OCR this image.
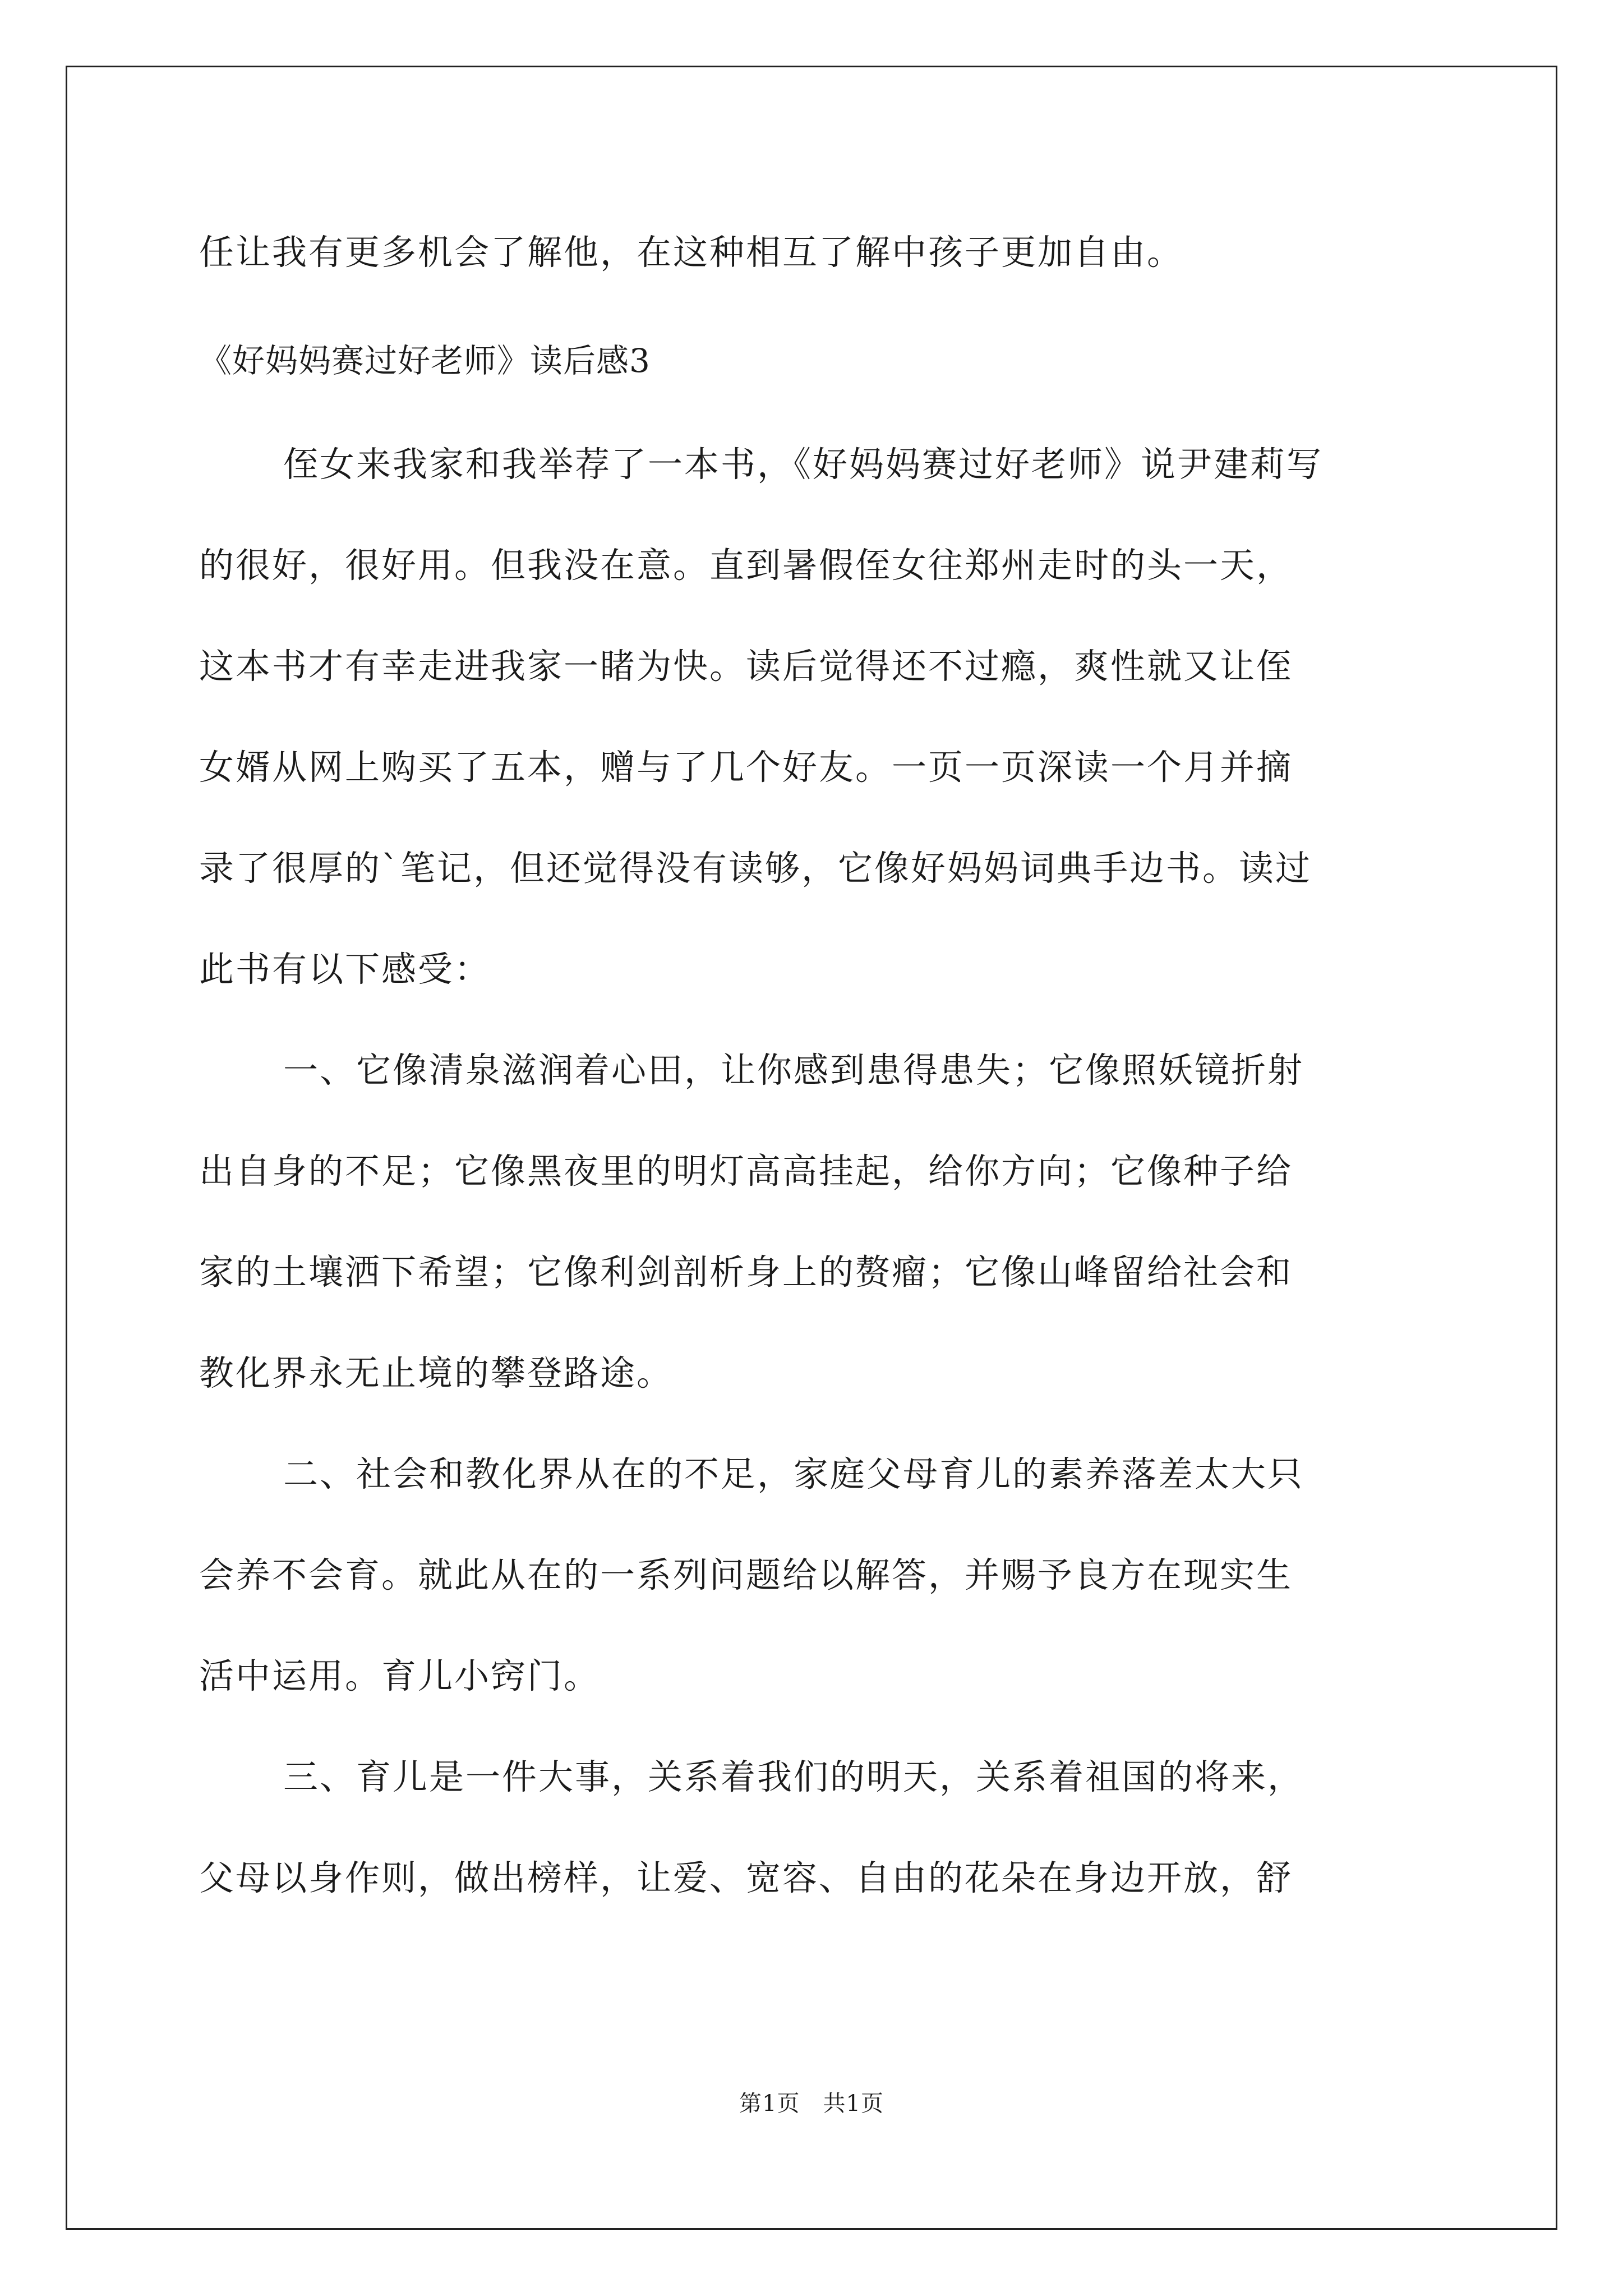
任让我有更多机会了解他，在这种相互了解中孩子更加自由。
《好妈妈赛过好老师》读后感3
侄女来我家和我举荐了一本书，《好妈妈赛过好老师》说尹建莉写
的很好，很好用。但我没在意。直到暑假侄女往郑州走时的头一天，
这本书才有幸走进我家一睹为快。读后觉得还不过瘾，爽性就又让侄
女婿从网上购买了五本，赠与了几个好友。一页一页深读一个月并摘
录了很厚的`笔记，但还觉得没有读够，它像好妈妈词典手边书。读过
此书有以下感受：
一、它像清泉滋润着心田，让你感到患得患失；它像照妖镜折射
出自身的不足；它像黑夜里的明灯高高挂起，给你方向；它像种子给
家的土壤洒下希望；它像利剑剖析身上的赘瘤；它像山峰留给社会和
教化界永无止境的攀登路途。
二、社会和教化界从在的不足，家庭父母育儿的素养落差太大只
会养不会育。就此从在的一系列问题给以解答，并赐予良方在现实生
活中运用。育儿小窍门。
三、育儿是一件大事，关系着我们的明天，关系着祖国的将来，
父母以身作则，做出榜样，让爱、宽容、自由的花朵在身边开放，舒
第1页　共1页
